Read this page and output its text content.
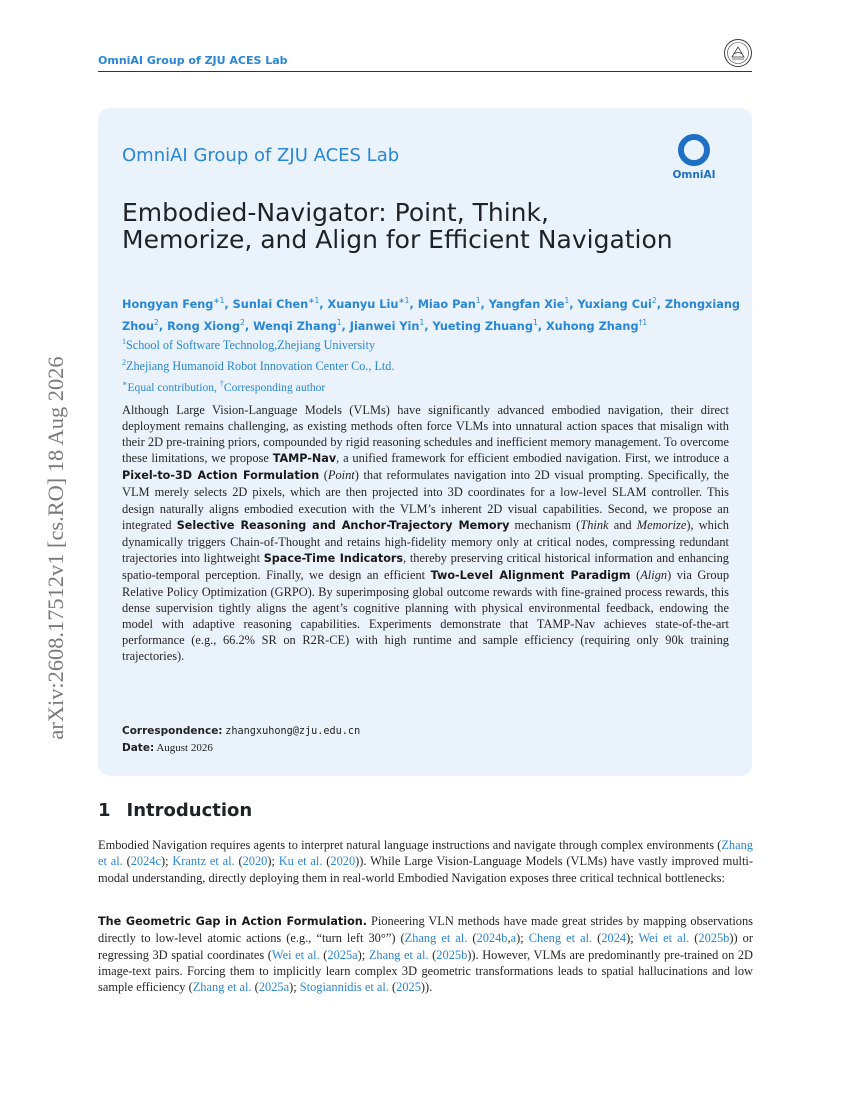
OmniAI Group of ZJU ACES Lab
arXiv:2608.17512v1 [cs.RO] 18 Aug 2026
OmniAI Group of ZJU ACES Lab
OmniAI
Embodied-Navigator: Point, Think, Memorize, and Align for Efficient Navigation
Hongyan Feng$^{∗1}$, Sunlai Chen$^{∗1}$, Xuanyu Liu$^{∗1}$, Miao Pan$^1$, Yangfan Xie$^1$, Yuxiang Cui$^2$, Zhongxiang Zhou$^2$, Rong Xiong$^2$, Wenqi Zhang$^1$, Jianwei Yin$^1$, Yueting Zhuang$^1$, Xuhong Zhang$^{\dagger 1}$
$^1$School of Software Technolog,Zhejiang University
$^2$Zhejiang Humanoid Robot Innovation Center Co., Ltd.
∗Equal contribution, †Corresponding author

Although Large Vision-Language Models (VLMs) have significantly advanced embodied navigation, their direct deployment remains challenging, as existing methods often force VLMs into unnatural action spaces that misalign with their 2D pre-training priors, compounded by rigid reasoning schedules and inefficient memory management. To overcome these limitations, we propose TAMP-Nav, a unified framework for efficient embodied navigation. First, we introduce a Pixel-to-3D Action Formulation (Point) that reformulates navigation into 2D visual prompting. Specifically, the VLM merely selects 2D pixels, which are then projected into 3D coordinates for a low-level SLAM controller. This design naturally aligns embodied execution with the VLM’s inherent 2D visual capabilities. Second, we propose an integrated Selective Reasoning and Anchor-Trajectory Memory mechanism (Think and Memorize), which dynamically triggers Chain-of-Thought and retains high-fidelity memory only at critical nodes, compressing redundant trajectories into lightweight Space-Time Indicators, thereby preserving critical historical information and enhancing spatio-temporal perception. Finally, we design an efficient Two-Level Alignment Paradigm (Align) via Group Relative Policy Optimization (GRPO). By superimposing global outcome rewards with fine-grained process rewards, this dense supervision tightly aligns the agent’s cognitive planning with physical environmental feedback, endowing the model with adaptive reasoning capabilities. Experiments demonstrate that TAMP-Nav achieves state-of-the-art performance (e.g., 66.2% SR on R2R-CE) with high runtime and sample efficiency (requiring only 90k training trajectories).

Correspondence: zhangxuhong@zju.edu.cn
Date: August 2026
1 Introduction

Embodied Navigation requires agents to interpret natural language instructions and navigate through complex environments (Zhang et al. (2024c); Krantz et al. (2020); Ku et al. (2020)). While Large Vision-Language Models (VLMs) have vastly improved multi-modal understanding, directly deploying them in real-world Embodied Navigation exposes three critical technical bottlenecks:

The Geometric Gap in Action Formulation. Pioneering VLN methods have made great strides by mapping observations directly to low-level atomic actions (e.g., “turn left 30°”) (Zhang et al. (2024b,a); Cheng et al. (2024); Wei et al. (2025b)) or regressing 3D spatial coordinates (Wei et al. (2025a); Zhang et al. (2025b)). However, VLMs are predominantly pre-trained on 2D image-text pairs. Forcing them to implicitly learn complex 3D geometric transformations leads to spatial hallucinations and low sample efficiency (Zhang et al. (2025a); Stogiannidis et al. (2025)).
